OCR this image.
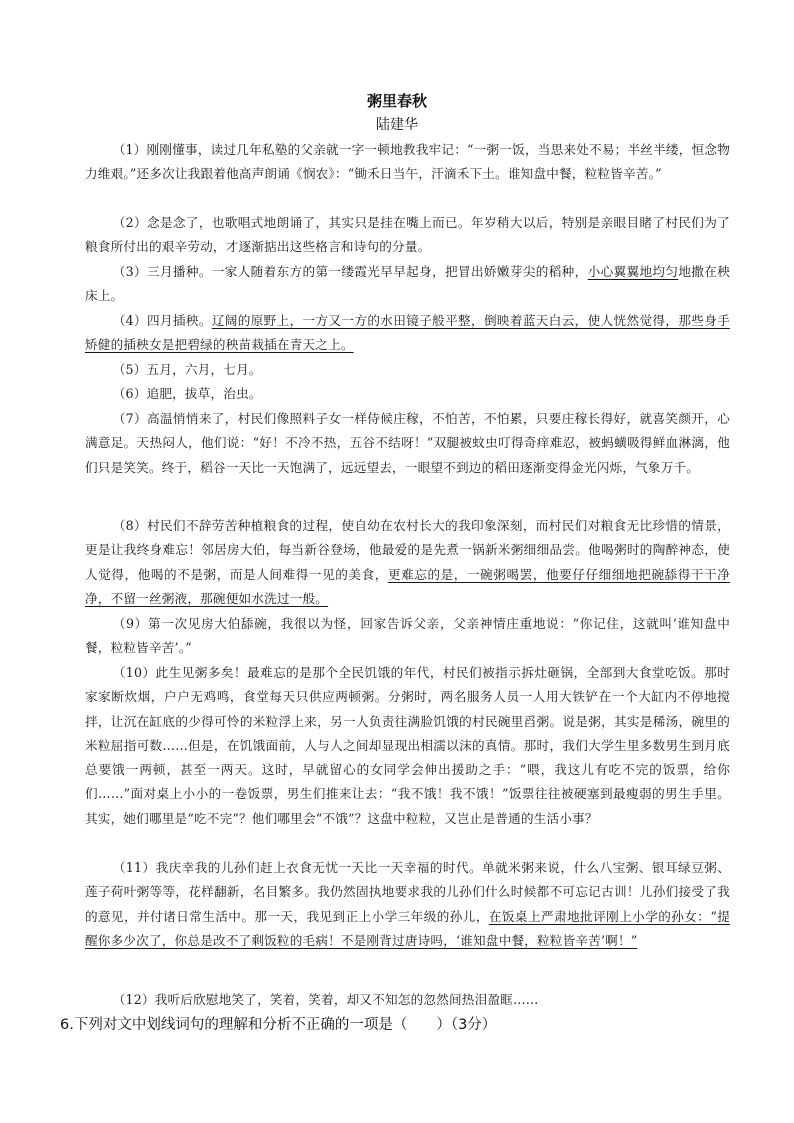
粥里春秋
陆建华

（1）刚刚懂事，读过几年私塾的父亲就一字一顿地教我牢记：“一粥一饭，当思来处不易；半丝半缕，恒念物力维艰。”还多次让我跟着他高声朗诵《悯农》：“锄禾日当午，汗滴禾下土。谁知盘中餐，粒粒皆辛苦。”

（2）念是念了，也歌唱式地朗诵了，其实只是挂在嘴上而已。年岁稍大以后，特别是亲眼目睹了村民们为了粮食所付出的艰辛劳动，才逐渐掂出这些格言和诗句的分量。

（3）三月播种。一家人随着东方的第一缕霞光早早起身，把冒出娇嫩芽尖的稻种，小心翼翼地均匀地撒在秧床上。

（4）四月插秧。辽阔的原野上，一方又一方的水田镜子般平整，倒映着蓝天白云，使人恍然觉得，那些身手矫健的插秧女是把碧绿的秧苗栽插在青天之上。

（5）五月，六月，七月。

（6）追肥，拔草，治虫。

（7）高温悄悄来了，村民们像照料子女一样侍候庄稼，不怕苦，不怕累，只要庄稼长得好，就喜笑颜开，心满意足。天热闷人，他们说：“好！不冷不热，五谷不结呀！”双腿被蚊虫叮得奇痒难忍，被蚂蟥吸得鲜血淋漓，他们只是笑笑。终于，稻谷一天比一天饱满了，远远望去，一眼望不到边的稻田逐渐变得金光闪烁，气象万千。

（8）村民们不辞劳苦种植粮食的过程，使自幼在农村长大的我印象深刻，而村民们对粮食无比珍惜的情景，更是让我终身难忘！邻居房大伯，每当新谷登场，他最爱的是先煮一锅新米粥细细品尝。他喝粥时的陶醉神态，使人觉得，他喝的不是粥，而是人间难得一见的美食，更难忘的是，一碗粥喝罢，他要仔仔细细地把碗舔得干干净净，不留一丝粥液，那碗便如水洗过一般。

（9）第一次见房大伯舔碗，我很以为怪，回家告诉父亲，父亲神情庄重地说：“你记住，这就叫‘谁知盘中餐，粒粒皆辛苦’。”

（10）此生见粥多矣！最难忘的是那个全民饥饿的年代，村民们被指示拆灶砸锅，全部到大食堂吃饭。那时家家断炊烟，户户无鸡鸣，食堂每天只供应两顿粥。分粥时，两名服务人员一人用大铁铲在一个大缸内不停地搅拌，让沉在缸底的少得可怜的米粒浮上来，另一人负责往满脸饥饿的村民碗里舀粥。说是粥，其实是稀汤，碗里的米粒屈指可数……但是，在饥饿面前，人与人之间却显现出相濡以沫的真情。那时，我们大学生里多数男生到月底总要饿一两顿，甚至一两天。这时，早就留心的女同学会伸出援助之手：“喂，我这儿有吃不完的饭票，给你们……”面对桌上小小的一卷饭票，男生们推来让去：“我不饿！我不饿！”饭票往往被硬塞到最瘦弱的男生手里。其实，她们哪里是“吃不完”？他们哪里会“不饿”？这盘中粒粒，又岂止是普通的生活小事？

（11）我庆幸我的儿孙们赶上衣食无忧一天比一天幸福的时代。单就米粥来说，什么八宝粥、银耳绿豆粥、莲子荷叶粥等等，花样翻新，名目繁多。我仍然固执地要求我的儿孙们什么时候都不可忘记古训！儿孙们接受了我的意见，并付诸日常生活中。那一天，我见到正上小学三年级的孙儿，在饭桌上严肃地批评刚上小学的孙女：“提醒你多少次了，你总是改不了剩饭粒的毛病！不是刚背过唐诗吗，‘谁知盘中餐，粒粒皆辛苦’啊！”

（12）我听后欣慰地笑了，笑着，笑着，却又不知怎的忽然间热泪盈眶……

6.下列对文中划线词句的理解和分析不正确的一项是（　　）（3分）
